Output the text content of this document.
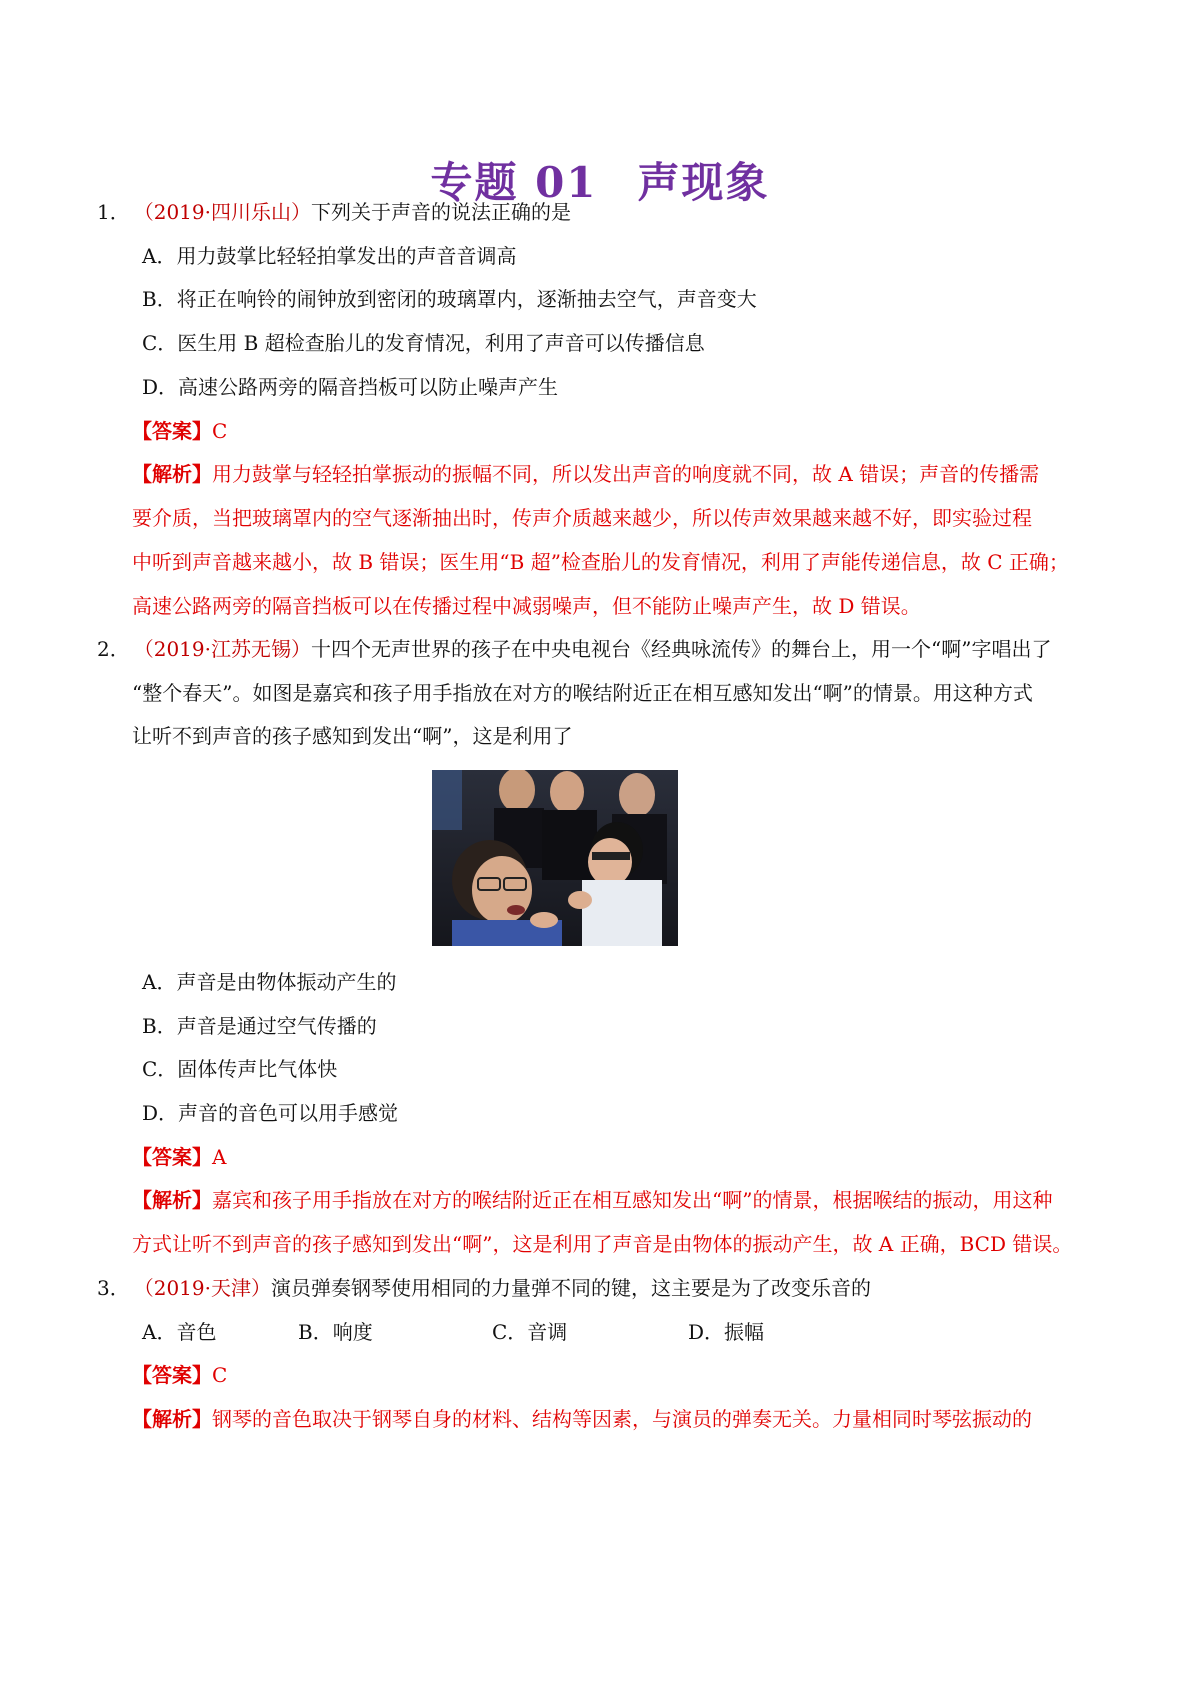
专题 01 声现象
1． （2019·四川乐山）下列关于声音的说法正确的是
A．用力鼓掌比轻轻拍掌发出的声音音调高
B．将正在响铃的闹钟放到密闭的玻璃罩内，逐渐抽去空气，声音变大
C．医生用 B 超检查胎儿的发育情况，利用了声音可以传播信息
D．高速公路两旁的隔音挡板可以防止噪声产生
【答案】C
【解析】用力鼓掌与轻轻拍掌振动的振幅不同，所以发出声音的响度就不同，故 A 错误；声音的传播需
要介质，当把玻璃罩内的空气逐渐抽出时，传声介质越来越少，所以传声效果越来越不好，即实验过程
中听到声音越来越小，故 B 错误；医生用“B 超”检查胎儿的发育情况，利用了声能传递信息，故 C 正确；
高速公路两旁的隔音挡板可以在传播过程中减弱噪声，但不能防止噪声产生，故 D 错误。
2． （2019·江苏无锡）十四个无声世界的孩子在中央电视台《经典咏流传》的舞台上，用一个“啊”字唱出了
“整个春天”。如图是嘉宾和孩子用手指放在对方的喉结附近正在相互感知发出“啊”的情景。用这种方式
让听不到声音的孩子感知到发出“啊”，这是利用了
A．声音是由物体振动产生的
B．声音是通过空气传播的
C．固体传声比气体快
D．声音的音色可以用手感觉
【答案】A
【解析】嘉宾和孩子用手指放在对方的喉结附近正在相互感知发出“啊”的情景，根据喉结的振动，用这种
方式让听不到声音的孩子感知到发出“啊”，这是利用了声音是由物体的振动产生，故 A 正确，BCD 错误。
3． （2019·天津）演员弹奏钢琴使用相同的力量弹不同的键，这主要是为了改变乐音的
A．音色	B．响度	C．音调	D．振幅
【答案】C
【解析】钢琴的音色取决于钢琴自身的材料、结构等因素，与演员的弹奏无关。力量相同时琴弦振动的
